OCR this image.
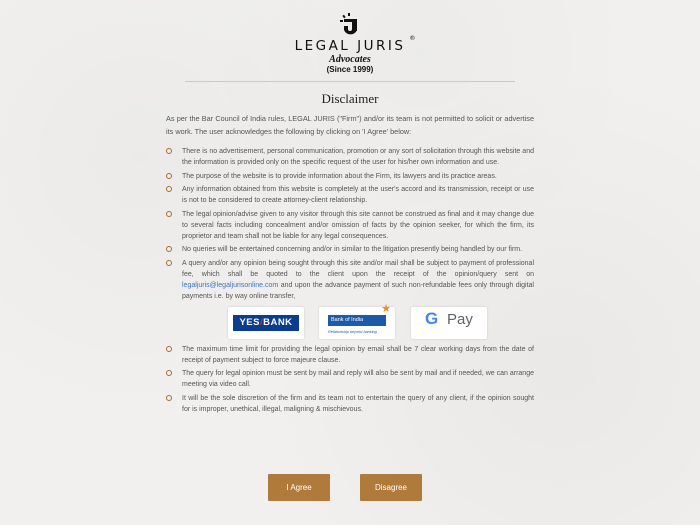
LEGAL JURIS ®
Advocates
(Since 1999)
Disclaimer
As per the Bar Council of India rules, LEGAL JURIS ("Firm") and/or its team is not permitted to solicit or advertise its work. The user acknowledges the following by clicking on 'I Agree' below:
There is no advertisement, personal communication, promotion or any sort of solicitation through this website and the information is provided only on the specific request of the user for his/her own information and use.
The purpose of the website is to provide information about the Firm, its lawyers and its practice areas.
Any information obtained from this website is completely at the user's accord and its transmission, receipt or use is not to be considered to create attorney-client relationship.
The legal opinion/advise given to any visitor through this site cannot be construed as final and it may change due to several facts including concealment and/or omission of facts by the opinion seeker, for which the firm, its proprietor and team shall not be liable for any legal consequences.
No queries will be entertained concerning and/or in similar to the litigation presently being handled by our firm.
A query and/or any opinion being sought through this site and/or mail shall be subject to payment of professional fee, which shall be quoted to the client upon the receipt of the opinion/query sent on legaljuris@legaljurisonline.com and upon the advance payment of such non-refundable fees only through digital payments i.e. by way online transfer,
YES/BANK	Bank of India
★
Relationship beyond banking
G Pay
The maximum time limit for providing the legal opinion by email shall be 7 clear working days from the date of receipt of payment subject to force majeure clause.
The query for legal opinion must be sent by mail and reply will also be sent by mail and if needed, we can arrange meeting via video call.
It will be the sole discretion of the firm and its team not to entertain the query of any client, if the opinion sought for is improper, unethical, illegal, maligning & mischievous.
I Agree	Disagree
